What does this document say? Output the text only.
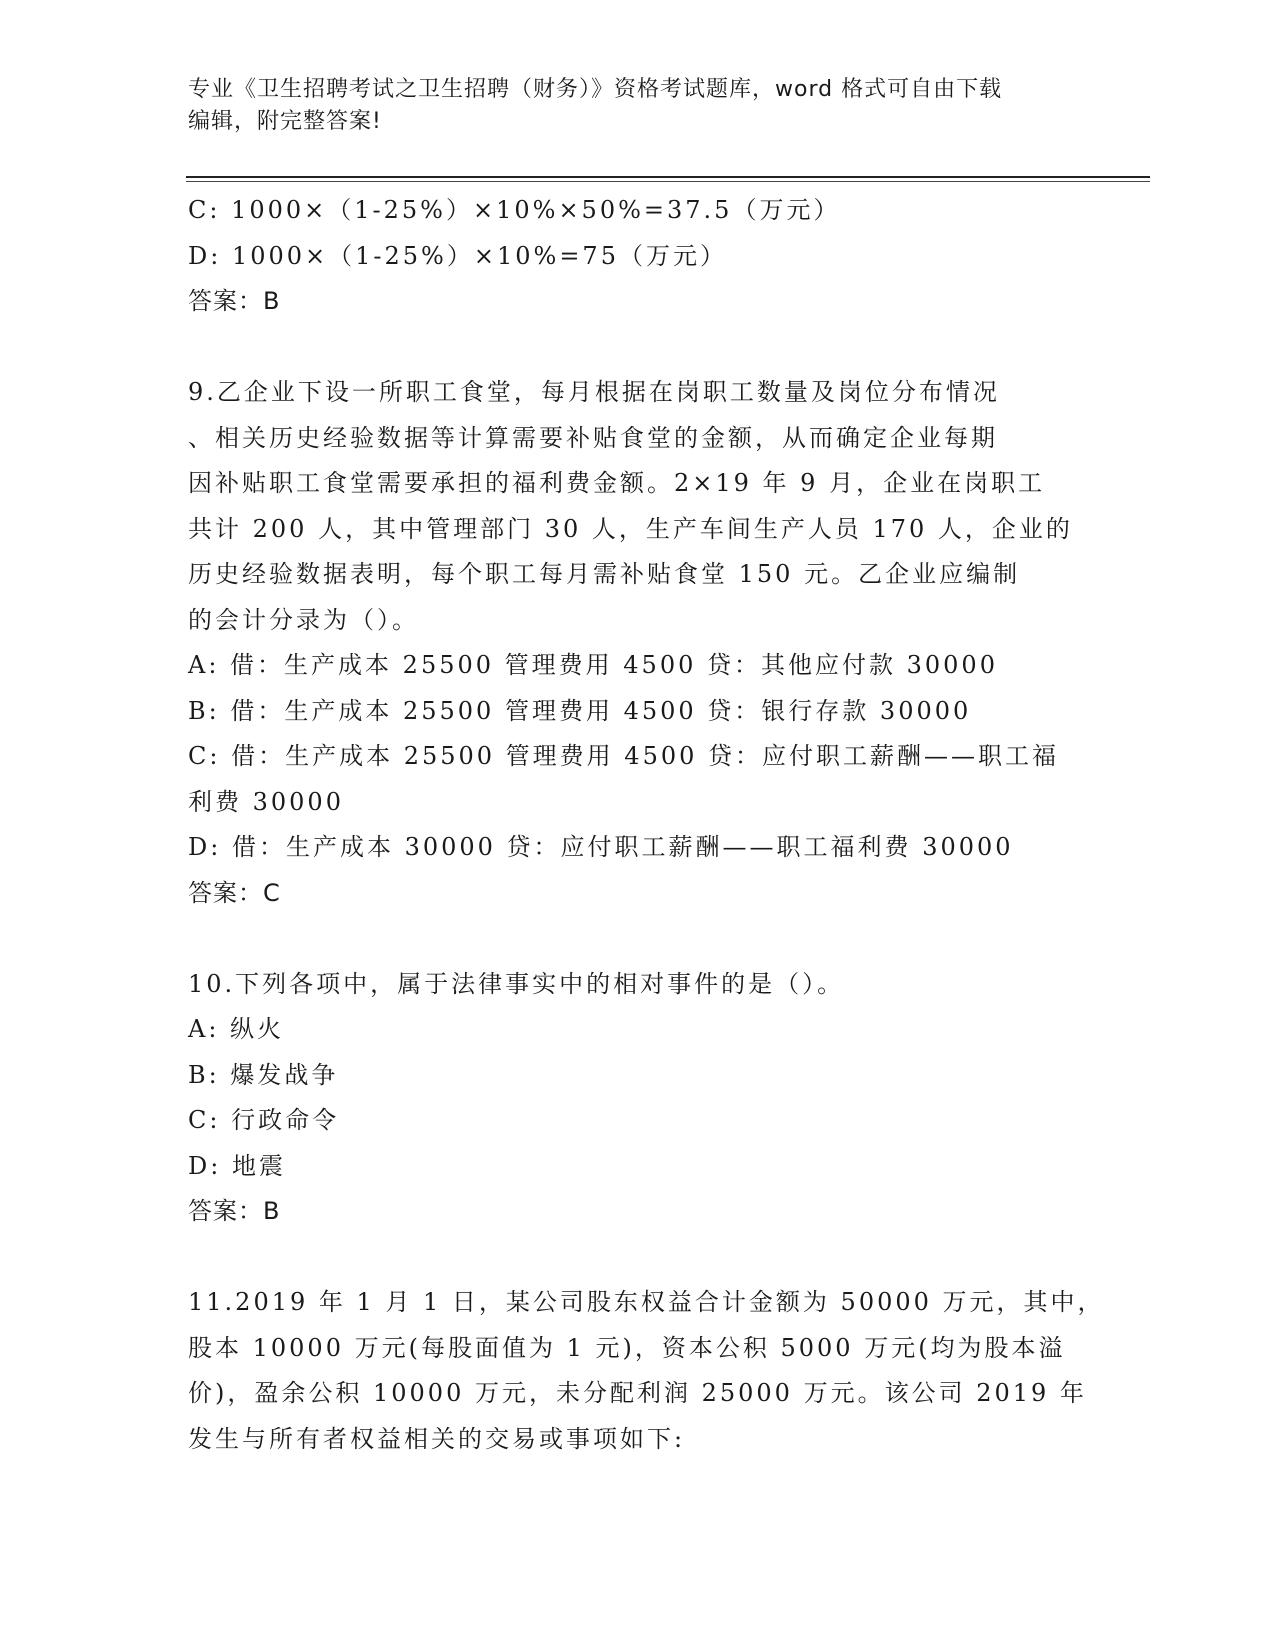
专业《卫生招聘考试之卫生招聘（财务）》资格考试题库，word 格式可自由下载
编辑，附完整答案!
C: 1000×（1-25%）×10%×50%=37.5（万元）
D: 1000×（1-25%）×10%=75（万元）
答案：B
9.乙企业下设一所职工食堂，每月根据在岗职工数量及岗位分布情况
、相关历史经验数据等计算需要补贴食堂的金额，从而确定企业每期
因补贴职工食堂需要承担的福利费金额。2×19 年 9 月，企业在岗职工
共计 200 人，其中管理部门 30 人，生产车间生产人员 170 人，企业的
历史经验数据表明，每个职工每月需补贴食堂 150 元。乙企业应编制
的会计分录为（）。
A: 借：生产成本 25500 管理费用 4500 贷：其他应付款 30000
B: 借：生产成本 25500 管理费用 4500 贷：银行存款 30000
C: 借：生产成本 25500 管理费用 4500 贷：应付职工薪酬——职工福
利费 30000
D: 借：生产成本 30000 贷：应付职工薪酬——职工福利费 30000
答案：C
10.下列各项中，属于法律事实中的相对事件的是（）。
A: 纵火
B: 爆发战争
C: 行政命令
D: 地震
答案：B
11.2019 年 1 月 1 日，某公司股东权益合计金额为 50000 万元，其中，
股本 10000 万元(每股面值为 1 元)，资本公积 5000 万元(均为股本溢
价)，盈余公积 10000 万元，未分配利润 25000 万元。该公司 2019 年
发生与所有者权益相关的交易或事项如下:
